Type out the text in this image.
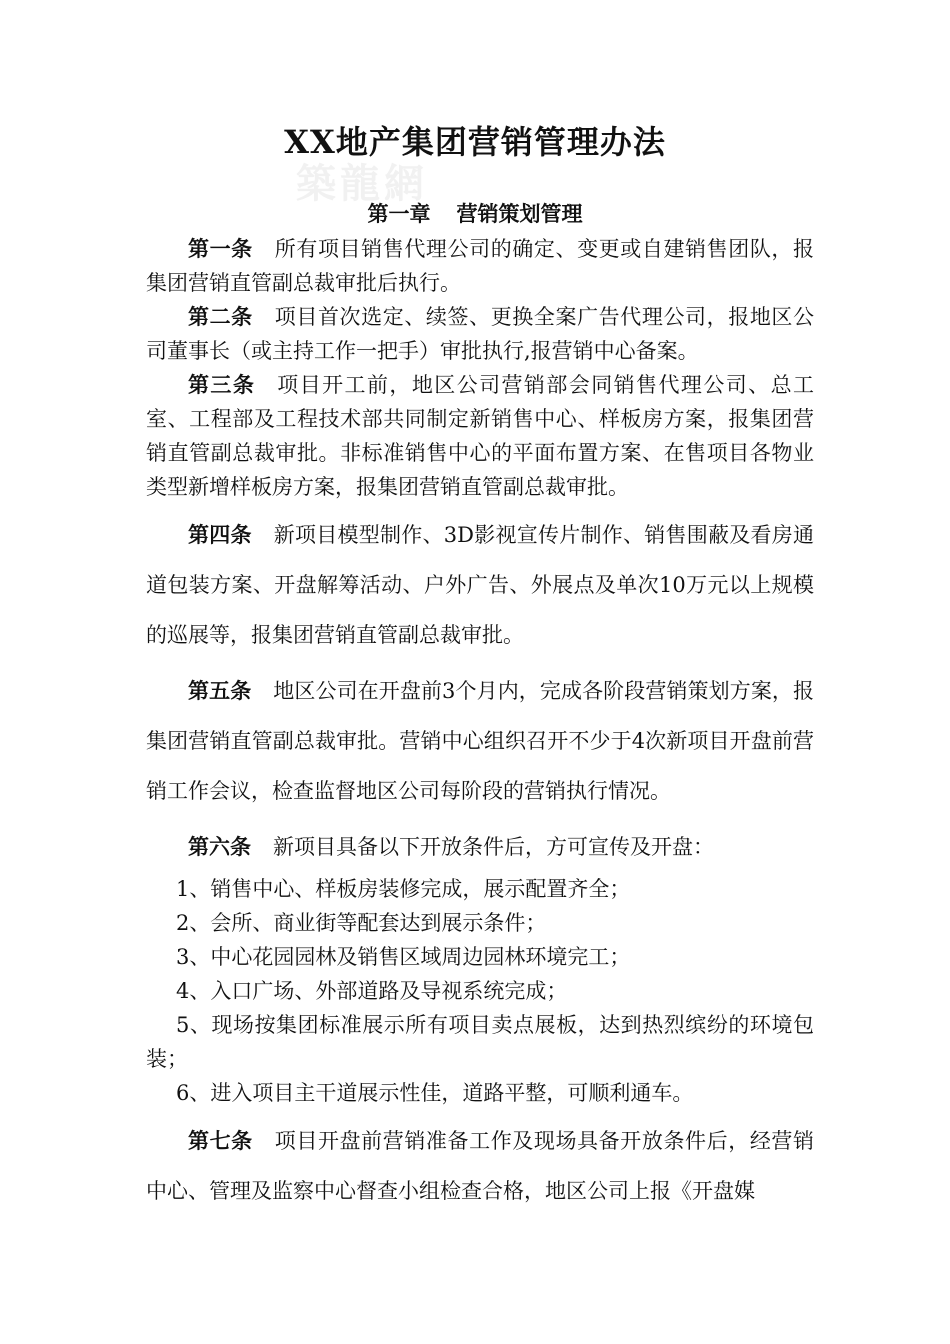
XX地产集团营销管理办法
築龍網
第一章 营销策划管理

第一条 所有项目销售代理公司的确定、变更或自建销售团队，报集团营销直管副总裁审批后执行。

第二条 项目首次选定、续签、更换全案广告代理公司，报地区公司董事长（或主持工作一把手）审批执行,报营销中心备案。

第三条 项目开工前，地区公司营销部会同销售代理公司、总工室、工程部及工程技术部共同制定新销售中心、样板房方案，报集团营销直管副总裁审批。非标准销售中心的平面布置方案、在售项目各物业类型新增样板房方案，报集团营销直管副总裁审批。

第四条 新项目模型制作、3D影视宣传片制作、销售围蔽及看房通道包装方案、开盘解筹活动、户外广告、外展点及单次10万元以上规模的巡展等，报集团营销直管副总裁审批。

第五条 地区公司在开盘前3个月内，完成各阶段营销策划方案，报集团营销直管副总裁审批。营销中心组织召开不少于4次新项目开盘前营销工作会议，检查监督地区公司每阶段的营销执行情况。

第六条 新项目具备以下开放条件后，方可宣传及开盘：

1、销售中心、样板房装修完成，展示配置齐全；

2、会所、商业街等配套达到展示条件；

3、中心花园园林及销售区域周边园林环境完工；

4、入口广场、外部道路及导视系统完成；

5、现场按集团标准展示所有项目卖点展板，达到热烈缤纷的环境包装；

6、进入项目主干道展示性佳，道路平整，可顺利通车。

第七条 项目开盘前营销准备工作及现场具备开放条件后，经营销中心、管理及监察中心督查小组检查合格，地区公司上报《开盘媒
